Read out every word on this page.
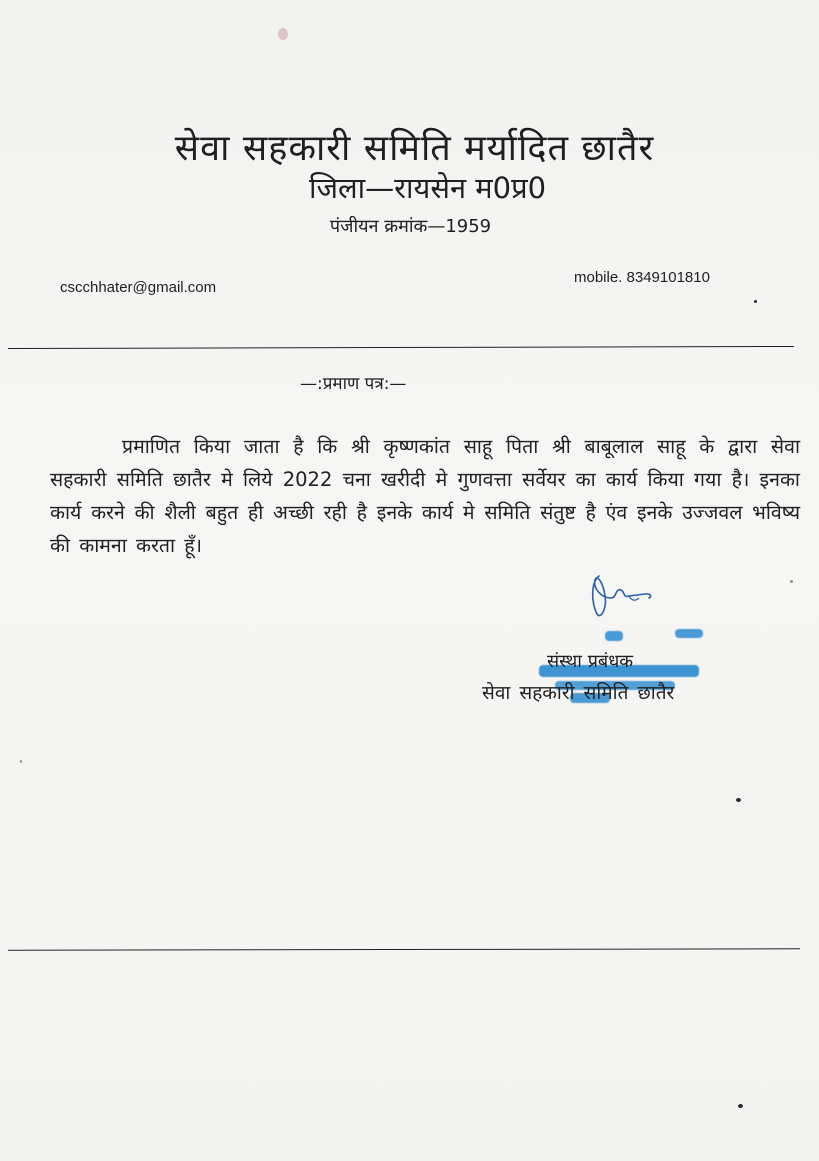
सेवा सहकारी समिति मर्यादित छातैर
जिला—रायसेन म0प्र0
पंजीयन क्रमांक—1959
cscchhater@gmail.com
mobile. 8349101810
—:प्रमाण पत्र:—

प्रमाणित किया जाता है कि श्री कृष्णकांत साहू पिता श्री बाबूलाल साहू के द्वारा सेवा सहकारी समिति छातैर मे लिये 2022 चना खरीदी मे गुणवत्ता सर्वेयर का कार्य किया गया है। इनका कार्य करने की शैली बहुत ही अच्छी रही है इनके कार्य मे समिति संतुष्ट है एंव इनके उज्जवल भविष्य की कामना करता हूँ।

संस्था प्रबंधक
सेवा सहकारी समिति छातैर
